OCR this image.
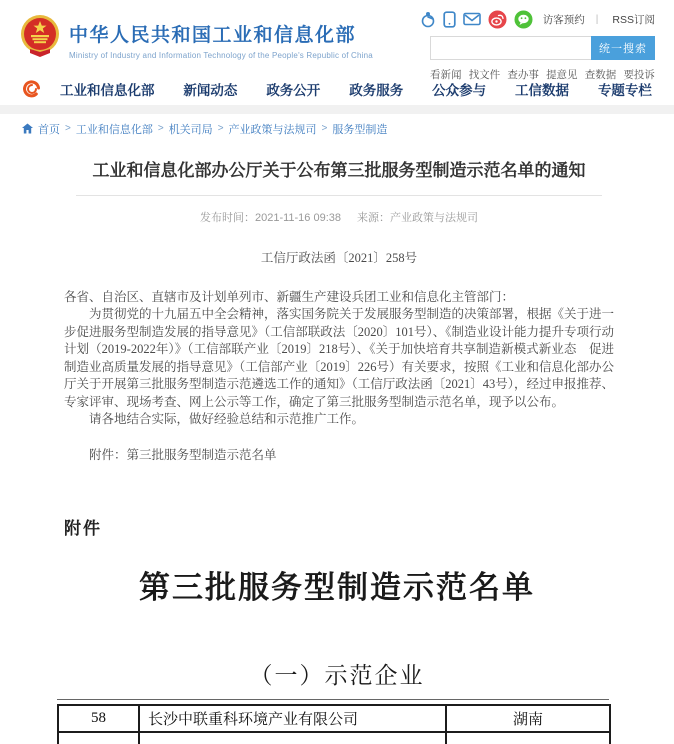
中华人民共和国工业和信息化部
Ministry of Industry and Information Technology of the People's Republic of China
访客预约 | RSS订阅
统一搜索
看新闻 找文件 查办事 提意见 查数据 要投诉
工业和信息化部 新闻动态 政务公开 政务服务 公众参与 工信数据 专题专栏
首页 > 工业和信息化部 > 机关司局 > 产业政策与法规司 > 服务型制造
工业和信息化部办公厅关于公布第三批服务型制造示范名单的通知
发布时间：2021-11-16 09:38 来源：产业政策与法规司
工信厅政法函〔2021〕258号

各省、自治区、直辖市及计划单列市、新疆生产建设兵团工业和信息化主管部门：

为贯彻党的十九届五中全会精神，落实国务院关于发展服务型制造的决策部署，根据《关于进一步促进服务型制造发展的指导意见》（工信部联政法〔2020〕101号）、《制造业设计能力提升专项行动计划（2019-2022年）》（工信部联产业〔2019〕218号）、《关于加快培育共享制造新模式新业态　促进制造业高质量发展的指导意见》（工信部产业〔2019〕226号）有关要求，按照《工业和信息化部办公厅关于开展第三批服务型制造示范遴选工作的通知》（工信厅政法函〔2021〕43号），经过申报推荐、专家评审、现场考查、网上公示等工作，确定了第三批服务型制造示范名单，现予以公布。

请各地结合实际，做好经验总结和示范推广工作。

附件：第三批服务型制造示范名单

附件
第三批服务型制造示范名单
（一）示范企业
58	长沙中联重科环境产业有限公司	湖南
